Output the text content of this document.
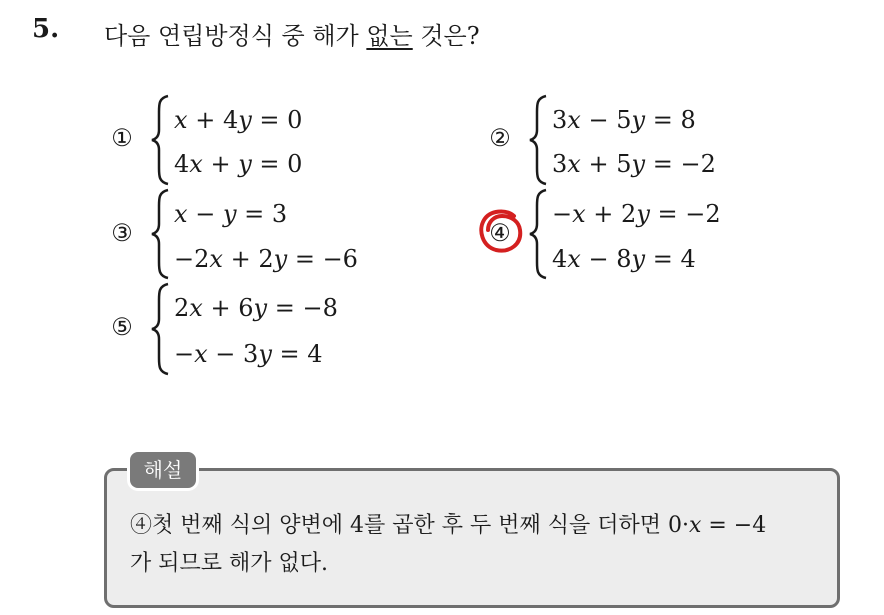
5. 다음 연립방정식 중 해가 없는 것은?
①
x + 4y = 0
4x + y = 0
②
3x − 5y = 8
3x + 5y = −2
③
x − y = 3
−2x + 2y = −6
④
−x + 2y = −2
4x − 8y = 4
⑤
2x + 6y = −8
−x − 3y = 4
해설
④첫 번째 식의 양변에 4를 곱한 후 두 번째 식을 더하면 0·x = −4
가 되므로 해가 없다.
